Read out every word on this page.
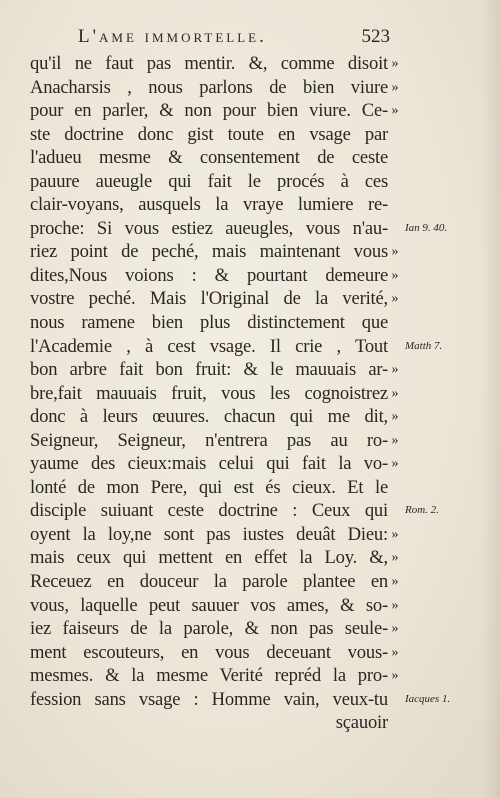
L'ame immortelle.	523
qu'il ne faut pas mentir. &, comme disoit
Anacharsis , nous parlons de bien viure
pour en parler, & non pour bien viure. Ce-
ste doctrine donc gist toute en vsage par
l'adueu mesme & consentement de ceste
pauure aueugle qui fait le procés à ces
clair-voyans, ausquels la vraye lumiere re-
proche: Si vous estiez aueugles, vous n'au-
riez point de peché, mais maintenant vous
dites,Nous voions : & pourtant demeure
vostre peché. Mais l'Original de la verité,
nous ramene bien plus distinctement que
l'Academie , à cest vsage. Il crie , Tout
bon arbre fait bon fruit: & le mauuais ar-
bre,fait mauuais fruit, vous les cognoistrez
donc à leurs œuures. chacun qui me dit,
Seigneur, Seigneur, n'entrera pas au ro-
yaume des cieux:mais celui qui fait la vo-
lonté de mon Pere, qui est és cieux. Et le
disciple suiuant ceste doctrine : Ceux qui
oyent la loy,ne sont pas iustes deuât Dieu:
mais ceux qui mettent en effet la Loy. &,
Receuez en douceur la parole plantee en
vous, laquelle peut sauuer vos ames, & so-
iez faiseurs de la parole, & non pas seule-
ment escouteurs, en vous deceuant vous-
mesmes. & la mesme Verité repréd la pro-
fession sans vsage : Homme vain, veux-tu
sçauoir
»
»
»
»
»
»
»
»
»
»
»
»
»
»
»
»
»
»
Ian 9. 40.
Matth 7.
Rom. 2.
Iacques 1.
